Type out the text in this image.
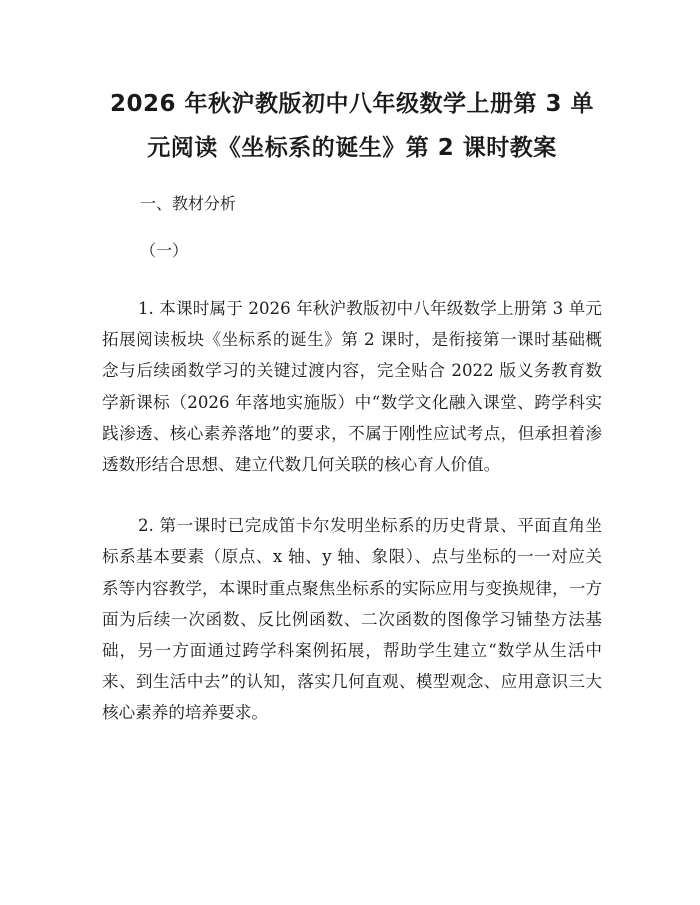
2026 年秋沪教版初中八年级数学上册第 3 单
元阅读《坐标系的诞生》第 2 课时教案
一、教材分析
（一）

1. 本课时属于 2026 年秋沪教版初中八年级数学上册第 3 单元拓展阅读板块《坐标系的诞生》第 2 课时，是衔接第一课时基础概念与后续函数学习的关键过渡内容，完全贴合 2022 版义务教育数学新课标（2026 年落地实施版）中“数学文化融入课堂、跨学科实践渗透、核心素养落地”的要求，不属于刚性应试考点，但承担着渗透数形结合思想、建立代数几何关联的核心育人价值。

2. 第一课时已完成笛卡尔发明坐标系的历史背景、平面直角坐标系基本要素（原点、x 轴、y 轴、象限）、点与坐标的一一对应关系等内容教学，本课时重点聚焦坐标系的实际应用与变换规律，一方面为后续一次函数、反比例函数、二次函数的图像学习铺垫方法基础，另一方面通过跨学科案例拓展，帮助学生建立“数学从生活中来、到生活中去”的认知，落实几何直观、模型观念、应用意识三大核心素养的培养要求。
